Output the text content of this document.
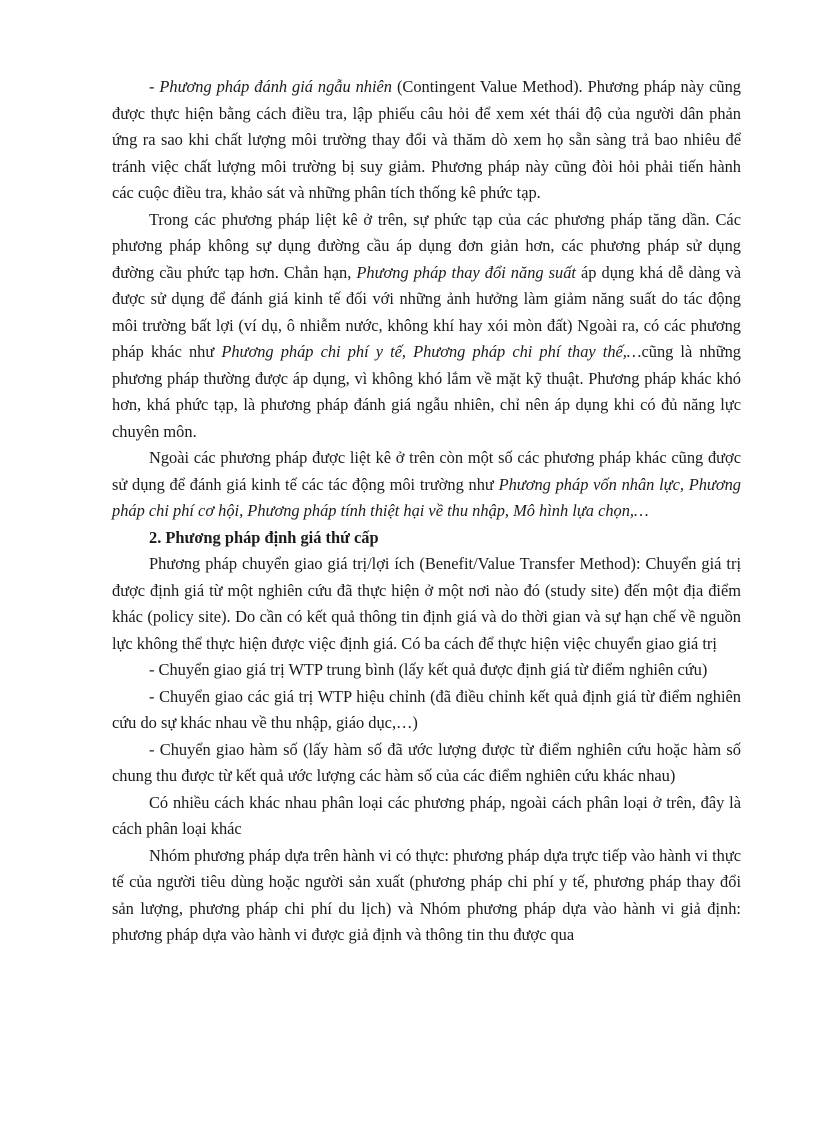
- Phương pháp đánh giá ngẫu nhiên (Contingent Value Method). Phương pháp này cũng được thực hiện bằng cách điều tra, lập phiếu câu hỏi để xem xét thái độ của người dân phản ứng ra sao khi chất lượng môi trường thay đổi và thăm dò xem họ sẵn sàng trả bao nhiêu để tránh việc chất lượng môi trường bị suy giảm. Phương pháp này cũng đòi hỏi phải tiến hành các cuộc điều tra, khảo sát và những phân tích thống kê phức tạp.

Trong các phương pháp liệt kê ở trên, sự phức tạp của các phương pháp tăng dần. Các phương pháp không sự dụng đường cầu áp dụng đơn giản hơn, các phương pháp sử dụng đường cầu phức tạp hơn. Chẳn hạn, Phương pháp thay đổi năng suất áp dụng khá dễ dàng và được sử dụng để đánh giá kinh tế đối với những ảnh hưởng làm giảm năng suất do tác động môi trường bất lợi (ví dụ, ô nhiễm nước, không khí hay xói mòn đất) Ngoài ra, có các phương pháp khác như Phương pháp chi phí y tế, Phương pháp chi phí thay thế,…cũng là những phương pháp thường được áp dụng, vì không khó lắm về mặt kỹ thuật. Phương pháp khác khó hơn, khá phức tạp, là phương pháp đánh giá ngẫu nhiên, chỉ nên áp dụng khi có đủ năng lực chuyên môn.

Ngoài các phương pháp được liệt kê ở trên còn một số các phương pháp khác cũng được sử dụng để đánh giá kinh tế các tác động môi trường như Phương pháp vốn nhân lực, Phương pháp chi phí cơ hội, Phương pháp tính thiệt hại về thu nhập, Mô hình lựa chọn,…

2. Phương pháp định giá thứ cấp

Phương pháp chuyển giao giá trị/lợi ích (Benefit/Value Transfer Method): Chuyển giá trị được định giá từ một nghiên cứu đã thực hiện ở một nơi nào đó (study site) đến một địa điểm khác (policy site). Do cần có kết quả thông tin định giá và do thời gian và sự hạn chế về nguồn lực không thể thực hiện được việc định giá. Có ba cách để thực hiện việc chuyển giao giá trị

- Chuyển giao giá trị WTP trung bình (lấy kết quả được định giá từ điểm nghiên cứu)

- Chuyển giao các giá trị WTP hiệu chỉnh (đã điều chỉnh kết quả định giá từ điểm nghiên cứu do sự khác nhau về thu nhập, giáo dục,…)

- Chuyển giao hàm số (lấy hàm số đã ước lượng được từ điểm nghiên cứu hoặc hàm số chung thu được từ kết quả ước lượng các hàm số của các điểm nghiên cứu khác nhau)

Có nhiều cách khác nhau phân loại các phương pháp, ngoài cách phân loại ở trên, đây là cách phân loại khác

Nhóm phương pháp dựa trên hành vi có thực: phương pháp dựa trực tiếp vào hành vi thực tế của người tiêu dùng hoặc người sản xuất (phương pháp chi phí y tế, phương pháp thay đổi sản lượng, phương pháp chi phí du lịch) và Nhóm phương pháp dựa vào hành vi giả định: phương pháp dựa vào hành vi được giả định và thông tin thu được qua
